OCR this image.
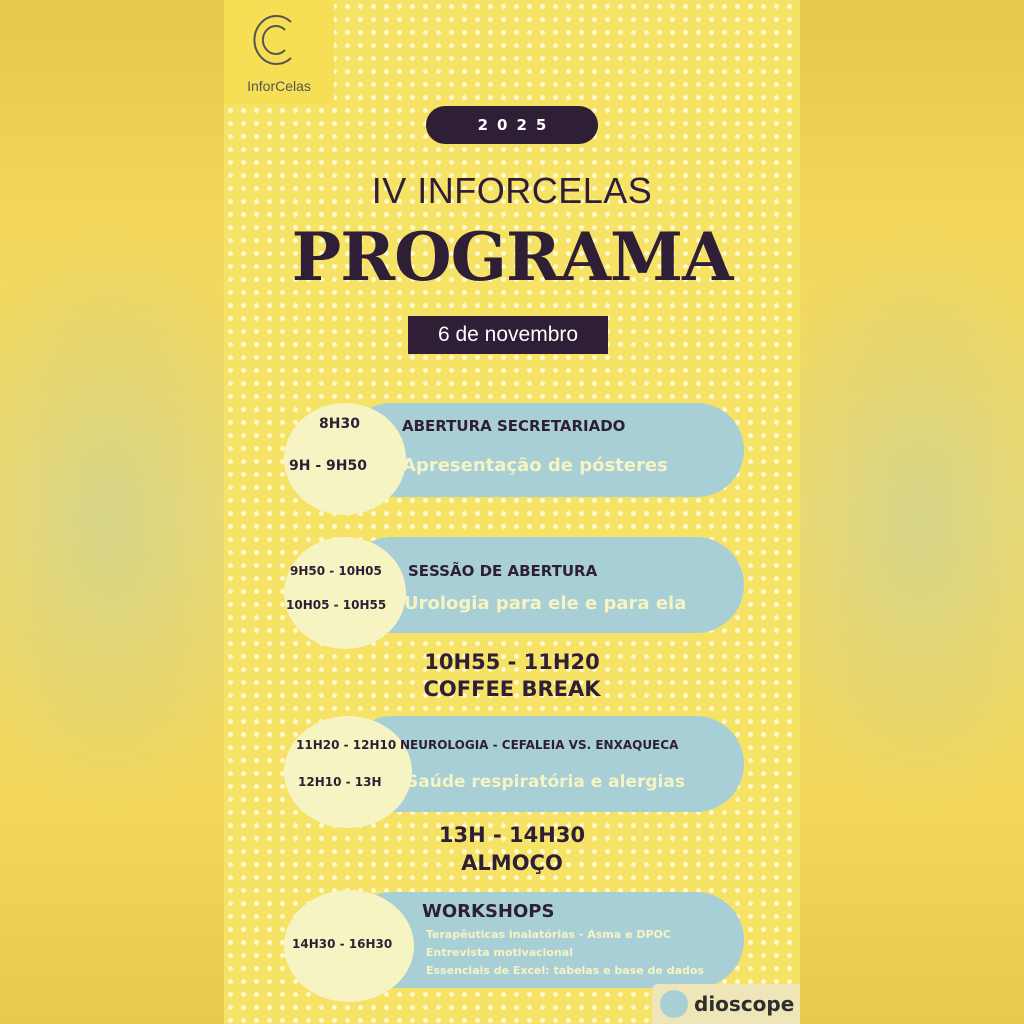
InforCelas
2025
IV INFORCELAS
PROGRAMA
6 de novembro
8H30	ABERTURA SECRETARIADO
9H - 9H50 Apresentação de pósteres
9H50 - 10H05 SESSÃO DE ABERTURA
10H05 - 10H55 Urologia para ele e para ela
10H55 - 11H20
COFFEE BREAK
11H20 - 12H10 NEUROLOGIA - CEFALEIA VS. ENXAQUECA
12H10 - 13H Saúde respiratória e alergias
13H - 14H30
ALMOÇO
14H30 - 16H30
WORKSHOPS
Terapêuticas inalatórias - Asma e DPOC
Entrevista motivacional
Essenciais de Excel: tabelas e base de dados
dioscope
